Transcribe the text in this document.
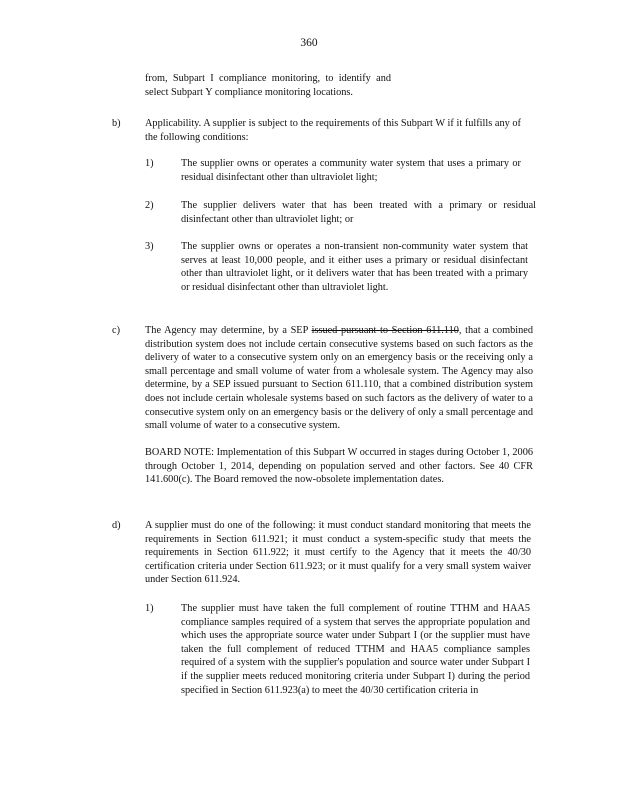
360
from, Subpart I compliance monitoring, to identify and select Subpart Y compliance monitoring locations.
b) Applicability. A supplier is subject to the requirements of this Subpart W if it fulfills any of the following conditions:
1)	The supplier owns or operates a community water system that uses a primary or residual disinfectant other than ultraviolet light;
2)	The supplier delivers water that has been treated with a primary or residual disinfectant other than ultraviolet light; or
3)	The supplier owns or operates a non-transient non-community water system that serves at least 10,000 people, and it either uses a primary or residual disinfectant other than ultraviolet light, or it delivers water that has been treated with a primary or residual disinfectant other than ultraviolet light.
c) The Agency may determine, by a SEP issued pursuant to Section 611.110, that a combined distribution system does not include certain consecutive systems based on such factors as the delivery of water to a consecutive system only on an emergency basis or the receiving only a small percentage and small volume of water from a wholesale system. The Agency may also determine, by a SEP issued pursuant to Section 611.110, that a combined distribution system does not include certain wholesale systems based on such factors as the delivery of water to a consecutive system only on an emergency basis or the delivery of only a small percentage and small volume of water to a consecutive system.
BOARD NOTE: Implementation of this Subpart W occurred in stages during October 1, 2006 through October 1, 2014, depending on population served and other factors. See 40 CFR 141.600(c). The Board removed the now-obsolete implementation dates.
d) A supplier must do one of the following: it must conduct standard monitoring that meets the requirements in Section 611.921; it must conduct a system-specific study that meets the requirements in Section 611.922; it must certify to the Agency that it meets the 40/30 certification criteria under Section 611.923; or it must qualify for a very small system waiver under Section 611.924.
1)	The supplier must have taken the full complement of routine TTHM and HAA5 compliance samples required of a system that serves the appropriate population and which uses the appropriate source water under Subpart I (or the supplier must have taken the full complement of reduced TTHM and HAA5 compliance samples required of a system with the supplier's population and source water under Subpart I if the supplier meets reduced monitoring criteria under Subpart I) during the period specified in Section 611.923(a) to meet the 40/30 certification criteria in
